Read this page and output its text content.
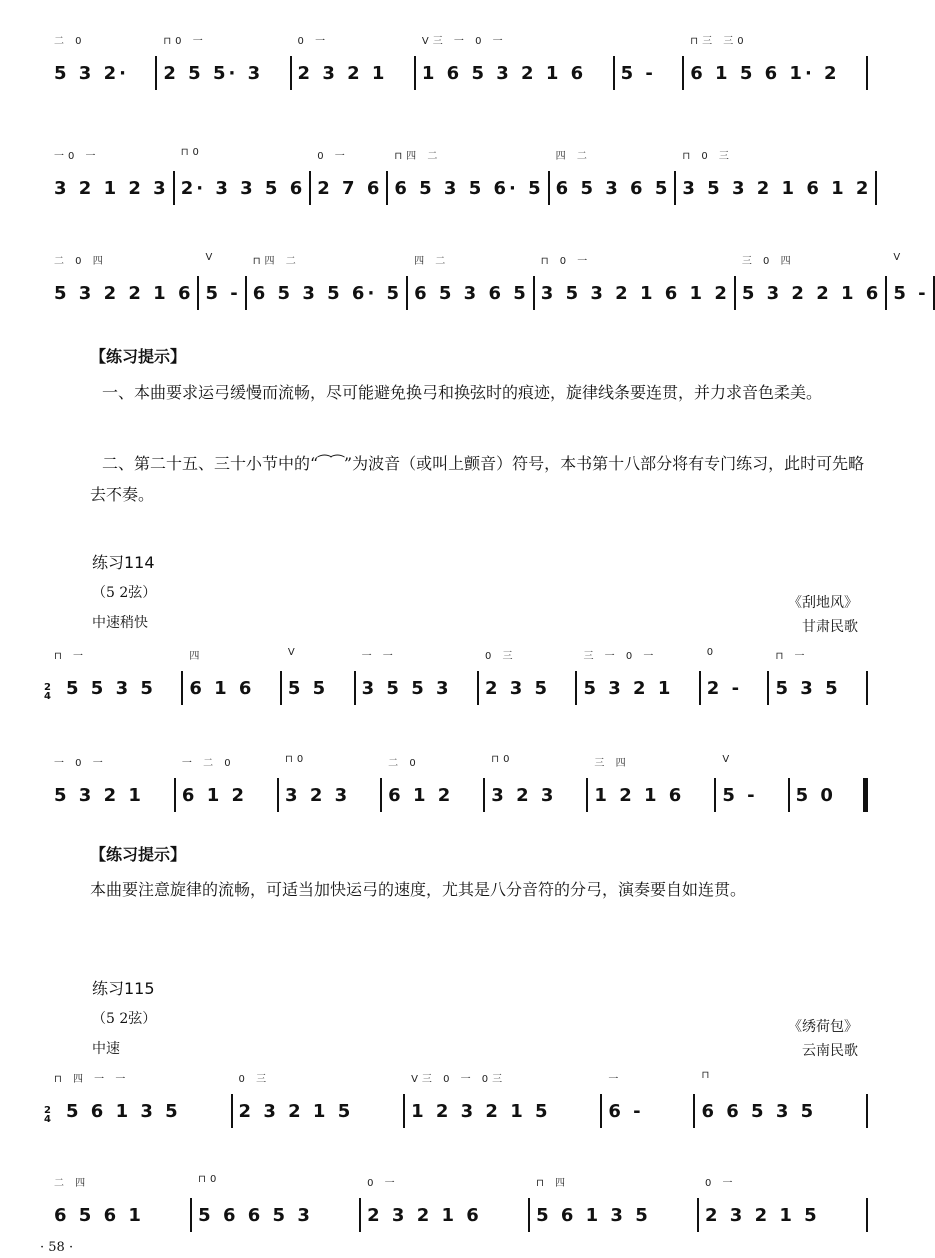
二 0
5 3 2·
⊓0 一
2 5 5· 3
0 一
2 3 2 1
V三 一 0 一
1 6 5 3 2 1 6 5 -
⊓三 三0
6 1 5 6 1· 2
一0 一
3 2 1 2 3
⊓0
2· 3 3 5 6
0 一
2 7 6
⊓四 二
6 5 3 5 6· 5
四 二
6 5 3 6 5
⊓ 0 三
3 5 3 2 1 6 1 2
二 0 四
5 3 2 2 1 6
V
5 -
⊓四 二
6 5 3 5 6· 5
四 二
6 5 3 6 5
⊓ 0 一
3 5 3 2 1 6 1 2
三 0 四
5 3 2 2 1 6
V
5 -
【练习提示】
一、本曲要求运弓缓慢而流畅，尽可能避免换弓和换弦时的痕迹，旋律线条要连贯，并力求音色柔美。
二、第二十五、三十小节中的“⁀⁀”为波音（或叫上颤音）符号，本书第十八部分将有专门练习，此时可先略去不奏。
练习114
（5 2弦）
中速稍快
《刮地风》
甘肃民歌
2
4
⊓ 一
5 5 3 5
四
6 1 6
V
5 5
一 一
3 5 5 3
0 三
2 3 5
三 一 0 一
5 3 2 1
0
2 -
⊓ 一
5 3 5
一 0 一
5 3 2 1
一 二 0
6 1 2
⊓0
3 2 3
二 0
6 1 2
⊓0
3 2 3
三 四
1 2 1 6
V
5 - 5 0
【练习提示】
本曲要注意旋律的流畅，可适当加快运弓的速度，尤其是八分音符的分弓，演奏要自如连贯。
练习115
（5 2弦）
中速
《绣荷包》
云南民歌
2
4
⊓ 四 一 一
5 6 1 3 5
0 三
2 3 2 1 5
V三 0 一 0三
1 2 3 2 1 5
一
6 -
⊓
6 6 5 3 5
二 四
6 5 6 1
⊓0
5 6 6 5 3
0 一
2 3 2 1 6
⊓ 四
5 6 1 3 5
0 一
2 3 2 1 5
· 58 ·
